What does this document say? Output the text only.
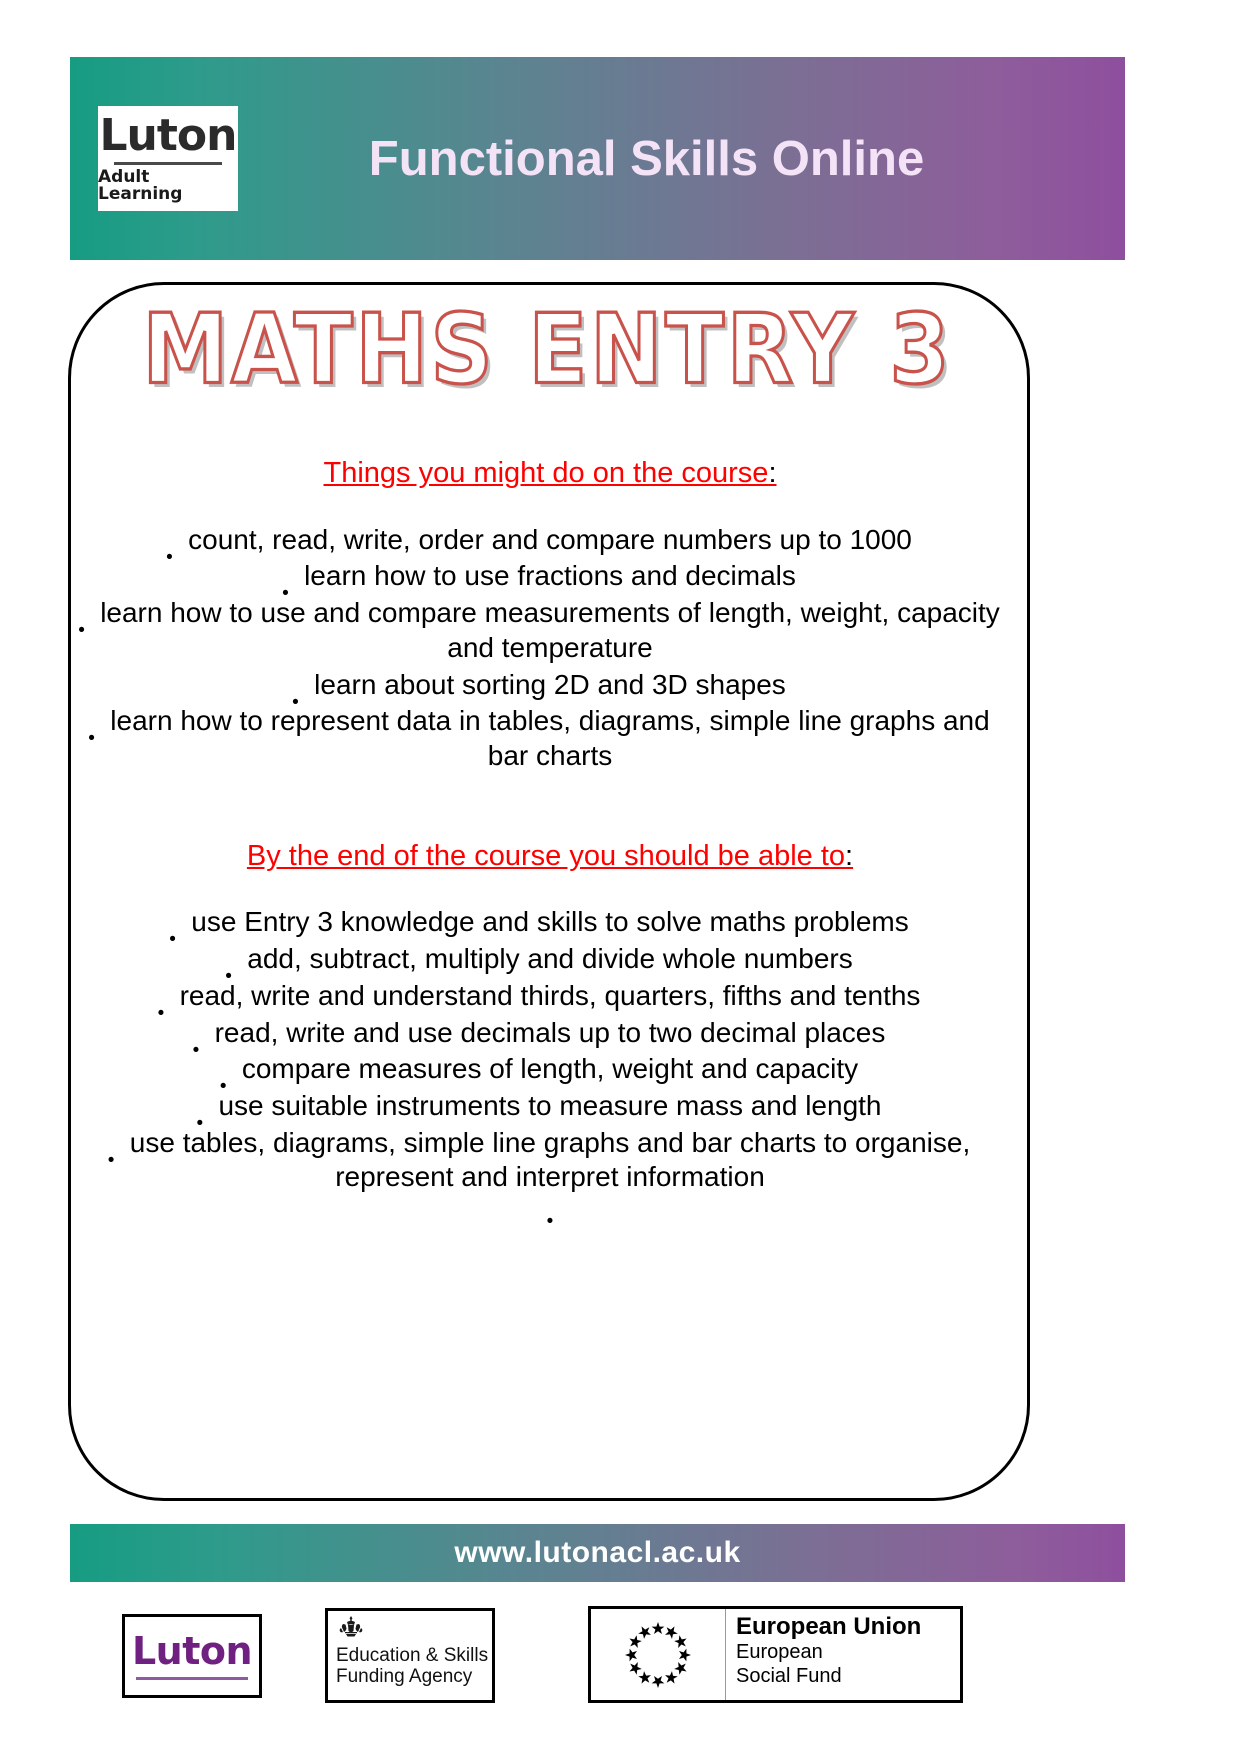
Luton
Adult Learning
Functional Skills Online
MATHS ENTRY 3

Things you might do on the course:

count, read, write, order and compare numbers up to 1000
learn how to use fractions and decimals
learn how to use and compare measurements of length, weight, capacity and temperature
learn about sorting 2D and 3D shapes
learn how to represent data in tables, diagrams, simple line graphs and bar charts

By the end of the course you should be able to:

use Entry 3 knowledge and skills to solve maths problems
add, subtract, multiply and divide whole numbers
read, write and understand thirds, quarters, fifths and tenths
read, write and use decimals up to two decimal places
compare measures of length, weight and capacity
use suitable instruments to measure mass and length
use tables, diagrams, simple line graphs and bar charts to organise, represent and interpret information
•
www.lutonacl.ac.uk
Luton	Education & Skills
Funding Agency
European Union
European
Social Fund
